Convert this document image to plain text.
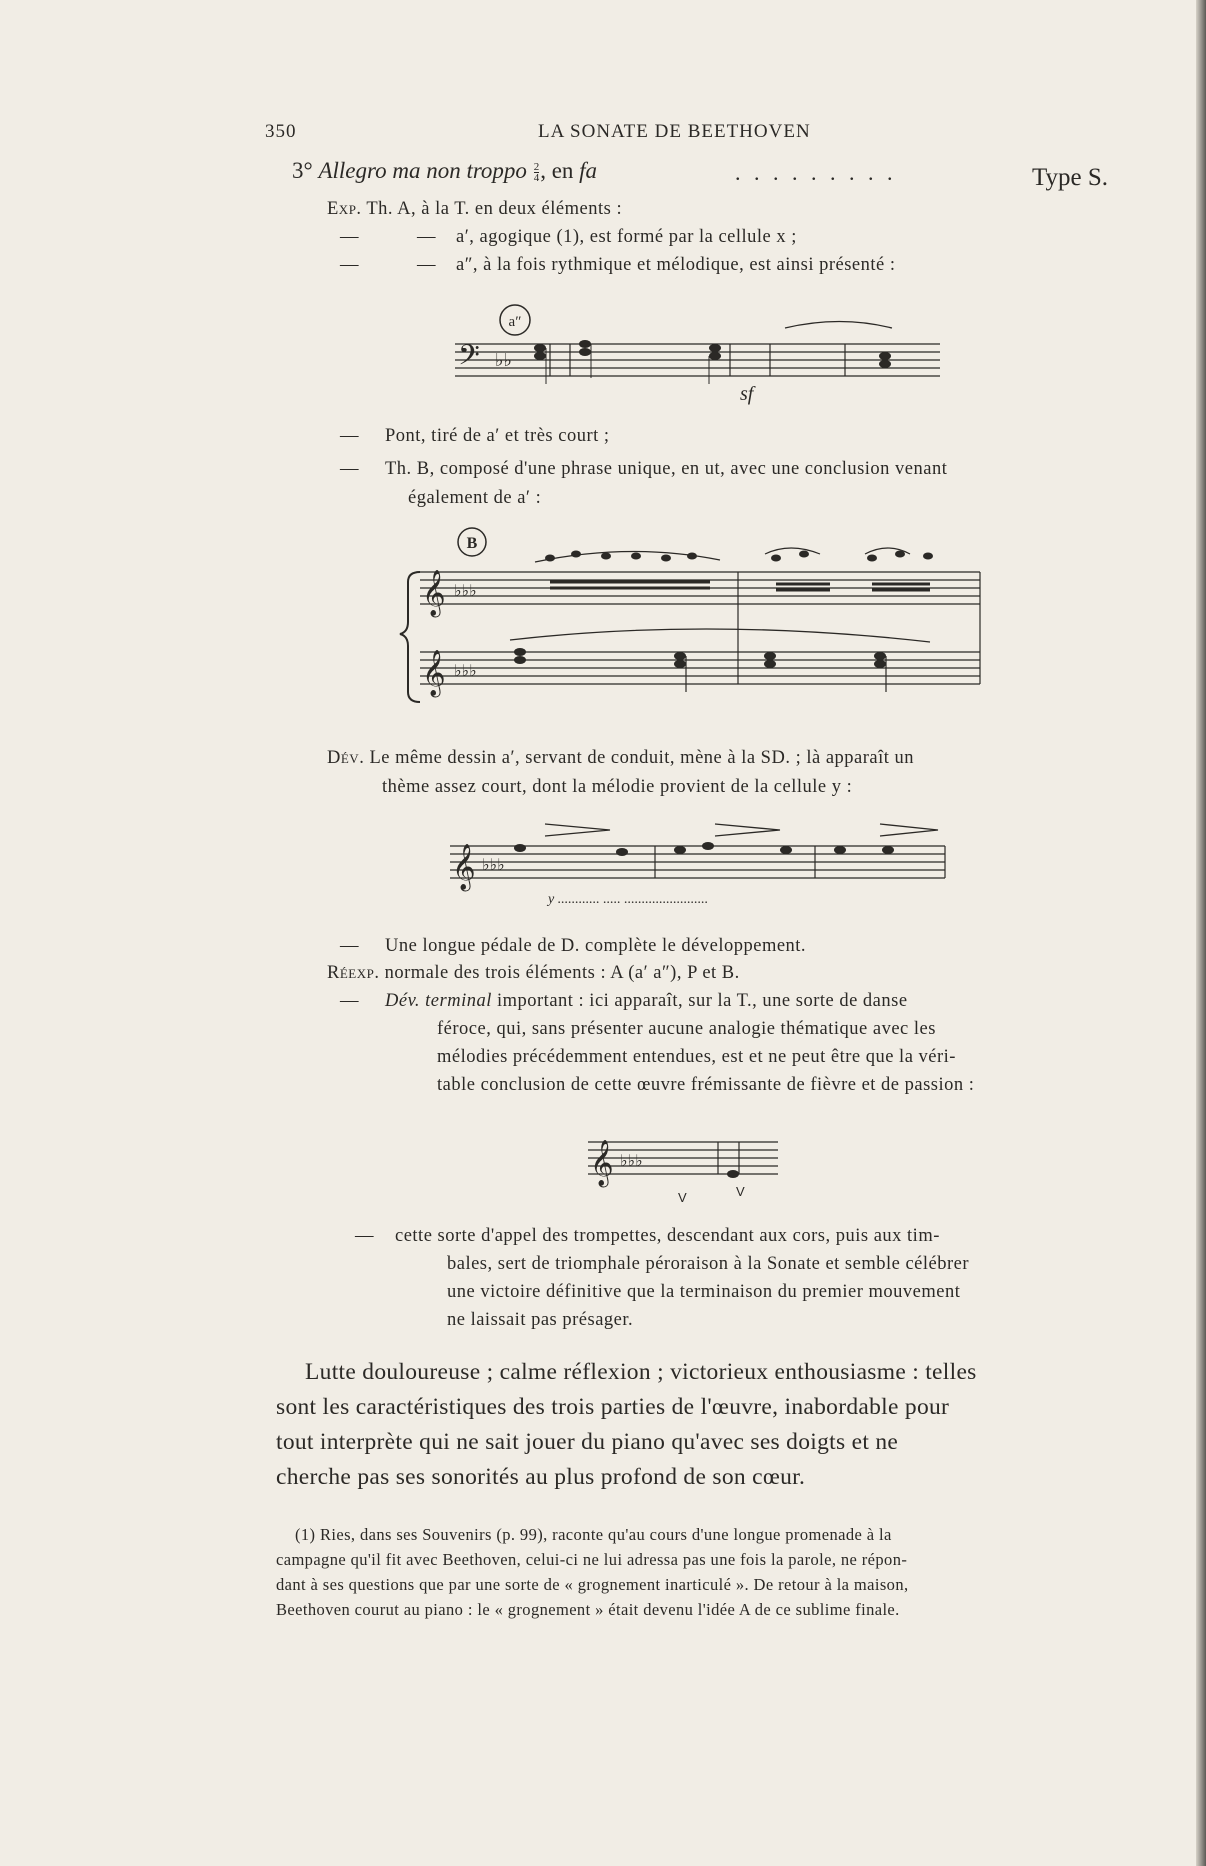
350	LA SONATE DE BEETHOVEN
3° Allegro ma non troppo $\frac{2}{4}$ , en fa	. . . . . . . . .	Type S.
Exp. Th. A, à la T. en deux éléments :
—	— a′, agogique (1), est formé par la cellule x ;
—	— a″, à la fois rythmique et mélodique, est ainsi présenté :
a″
𝄢 ♭♭
sf
— Pont, tiré de a′ et très court ;
— Th. B, composé d'une phrase unique, en ut, avec une conclusion venant
également de a′ :
B
𝄞 ♭♭♭
𝄞 ♭♭♭
Dév. Le même dessin a′, servant de conduit, mène à la SD. ; là apparaît un
thème assez court, dont la mélodie provient de la cellule y :
𝄞 ♭♭♭
y ............ ..... ........................
— Une longue pédale de D. complète le développement.
Réexp. normale des trois éléments : A (a′ a″), P et B.
— Dév. terminal important : ici apparaît, sur la T., une sorte de danse
féroce, qui, sans présenter aucune analogie thématique avec les
mélodies précédemment entendues, est et ne peut être que la véri-
table conclusion de cette œuvre frémissante de fièvre et de passion :
𝄞 ♭♭♭
V	V
— cette sorte d'appel des trompettes, descendant aux cors, puis aux tim-
bales, sert de triomphale péroraison à la Sonate et semble célébrer
une victoire définitive que la terminaison du premier mouvement
ne laissait pas présager.
Lutte douloureuse ; calme réflexion ; victorieux enthousiasme : telles
sont les caractéristiques des trois parties de l'œuvre, inabordable pour
tout interprète qui ne sait jouer du piano qu'avec ses doigts et ne
cherche pas ses sonorités au plus profond de son cœur.
(1) Ries, dans ses Souvenirs (p. 99), raconte qu'au cours d'une longue promenade à la
campagne qu'il fit avec Beethoven, celui-ci ne lui adressa pas une fois la parole, ne répon-
dant à ses questions que par une sorte de « grognement inarticulé ». De retour à la maison,
Beethoven courut au piano : le « grognement » était devenu l'idée A de ce sublime finale.
